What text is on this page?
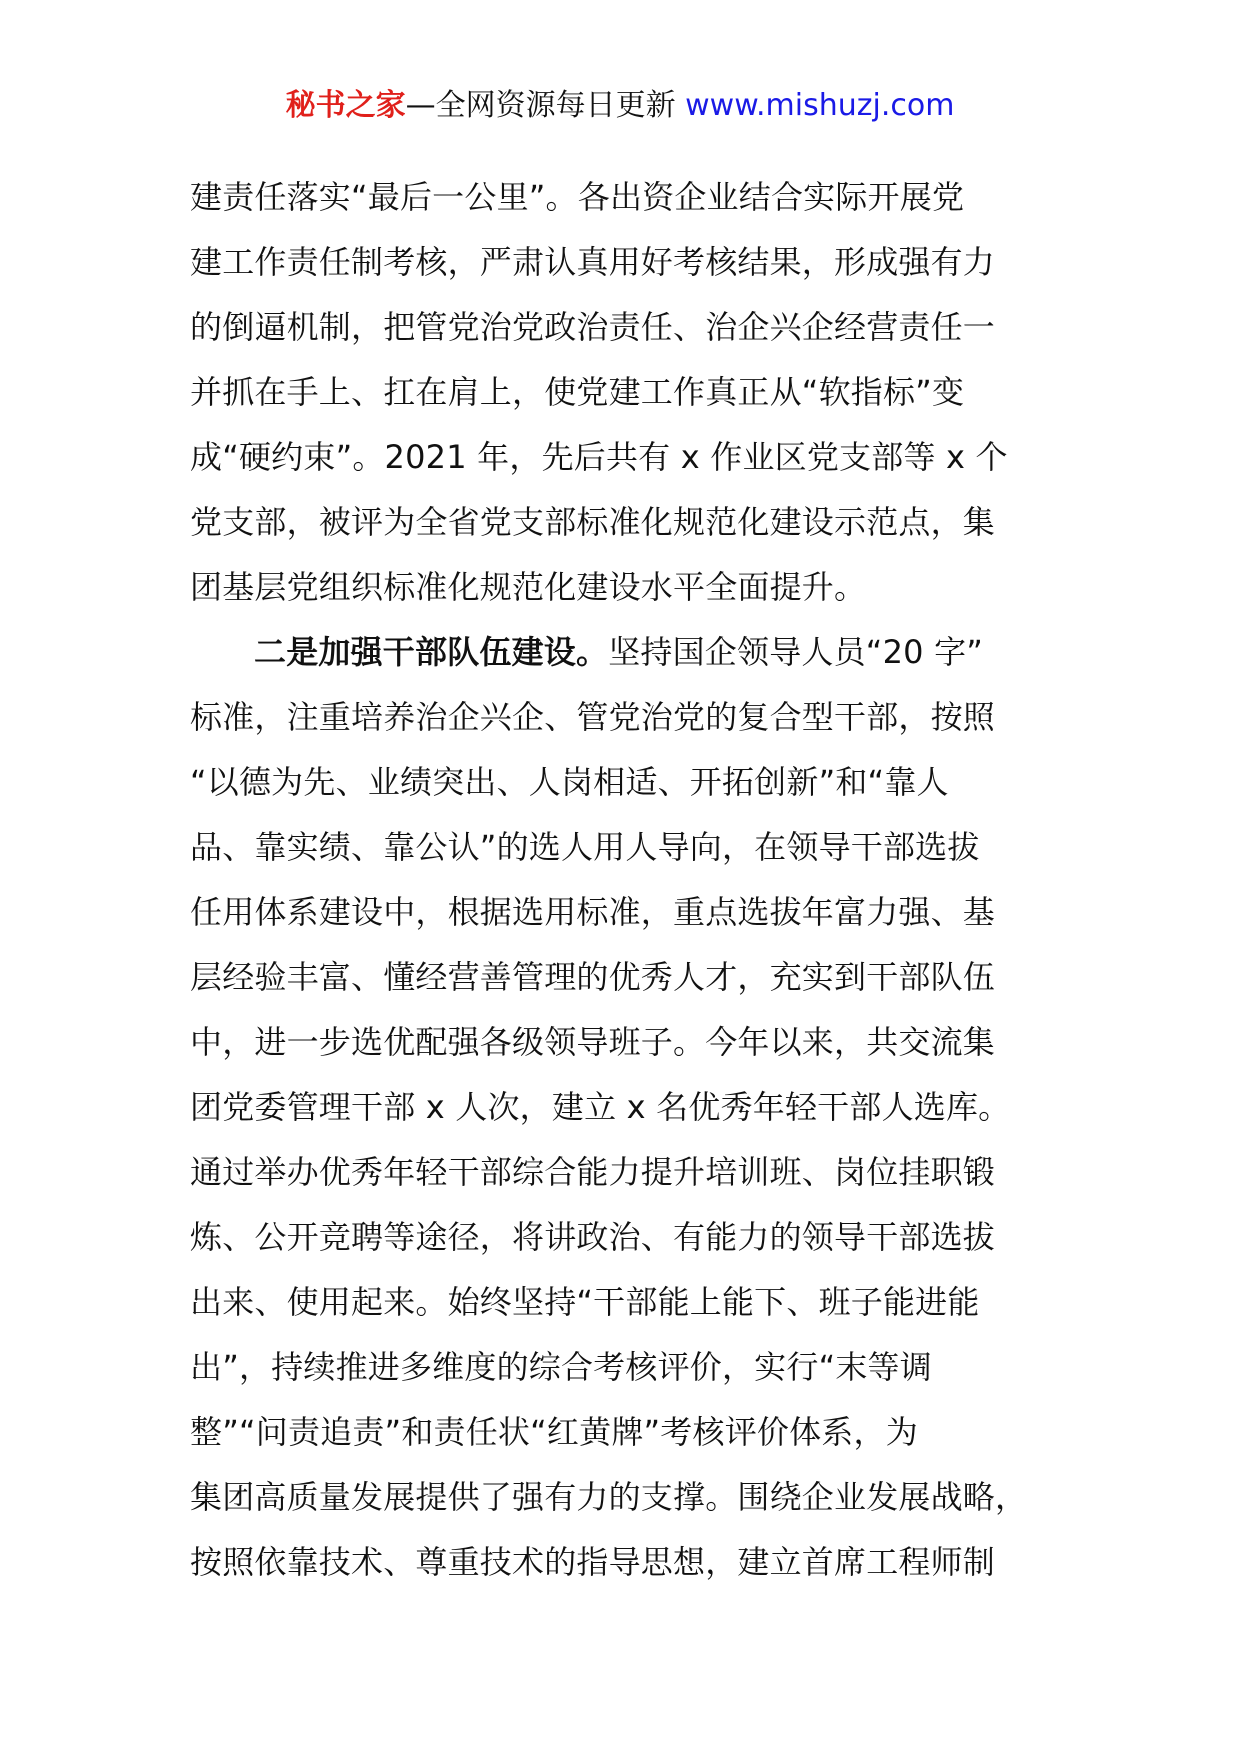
秘书之家—全网资源每日更新 www.mishuzj.com
建责任落实“最后一公里”。各出资企业结合实际开展党
建工作责任制考核，严肃认真用好考核结果，形成强有力
的倒逼机制，把管党治党政治责任、治企兴企经营责任一
并抓在手上、扛在肩上，使党建工作真正从“软指标”变
成“硬约束”。2021 年，先后共有 x 作业区党支部等 x 个
党支部，被评为全省党支部标准化规范化建设示范点，集
团基层党组织标准化规范化建设水平全面提升。
二是加强干部队伍建设。坚持国企领导人员“20 字”
标准，注重培养治企兴企、管党治党的复合型干部，按照
“以德为先、业绩突出、人岗相适、开拓创新”和“靠人
品、靠实绩、靠公认”的选人用人导向，在领导干部选拔
任用体系建设中，根据选用标准，重点选拔年富力强、基
层经验丰富、懂经营善管理的优秀人才，充实到干部队伍
中，进一步选优配强各级领导班子。今年以来，共交流集
团党委管理干部 x 人次，建立 x 名优秀年轻干部人选库。
通过举办优秀年轻干部综合能力提升培训班、岗位挂职锻
炼、公开竞聘等途径，将讲政治、有能力的领导干部选拔
出来、使用起来。始终坚持“干部能上能下、班子能进能
出”，持续推进多维度的综合考核评价，实行“末等调
整”“问责追责”和责任状“红黄牌”考核评价体系，为
集团高质量发展提供了强有力的支撑。围绕企业发展战略，
按照依靠技术、尊重技术的指导思想，建立首席工程师制
